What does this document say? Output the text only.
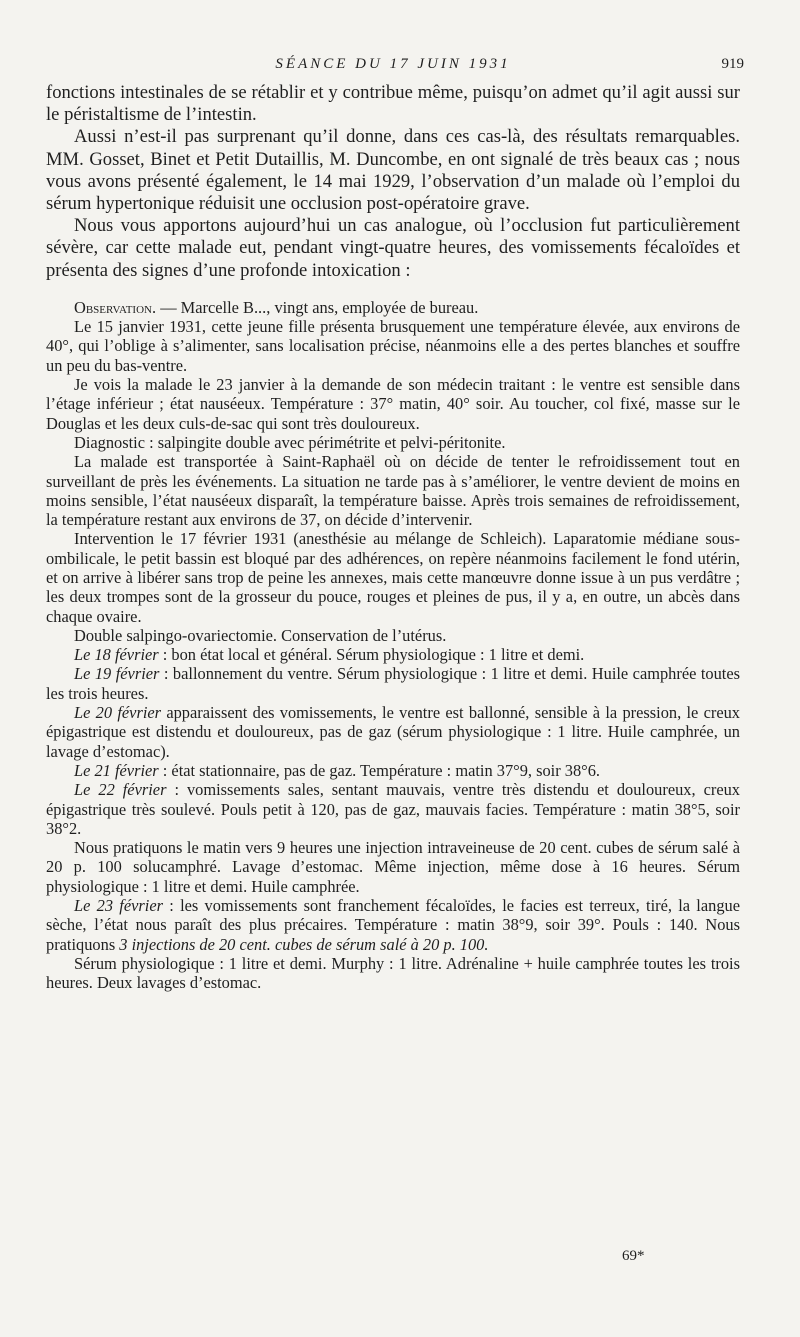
SÉANCE DU 17 JUIN 1931	919

fonctions intestinales de se rétablir et y contribue même, puisqu’on admet qu’il agit aussi sur le péristaltisme de l’intestin.

Aussi n’est-il pas surprenant qu’il donne, dans ces cas-là, des résultats remarquables. MM. Gosset, Binet et Petit Dutaillis, M. Duncombe, en ont signalé de très beaux cas ; nous vous avons présenté également, le 14 mai 1929, l’observation d’un malade où l’emploi du sérum hypertonique réduisit une occlusion post-opératoire grave.

Nous vous apportons aujourd’hui un cas analogue, où l’occlusion fut particulièrement sévère, car cette malade eut, pendant vingt-quatre heures, des vomissements fécaloïdes et présenta des signes d’une profonde intoxication :

Observation. — Marcelle B..., vingt ans, employée de bureau.

Le 15 janvier 1931, cette jeune fille présenta brusquement une température élevée, aux environs de 40°, qui l’oblige à s’alimenter, sans localisation précise, néanmoins elle a des pertes blanches et souffre un peu du bas-ventre.

Je vois la malade le 23 janvier à la demande de son médecin traitant : le ventre est sensible dans l’étage inférieur ; état nauséeux. Température : 37° matin, 40° soir. Au toucher, col fixé, masse sur le Douglas et les deux culs-de-sac qui sont très douloureux.

Diagnostic : salpingite double avec périmétrite et pelvi-péritonite.

La malade est transportée à Saint-Raphaël où on décide de tenter le refroidissement tout en surveillant de près les événements. La situation ne tarde pas à s’améliorer, le ventre devient de moins en moins sensible, l’état nauséeux disparaît, la température baisse. Après trois semaines de refroidissement, la température restant aux environs de 37, on décide d’intervenir.

Intervention le 17 février 1931 (anesthésie au mélange de Schleich). Laparatomie médiane sous-ombilicale, le petit bassin est bloqué par des adhérences, on repère néanmoins facilement le fond utérin, et on arrive à libérer sans trop de peine les annexes, mais cette manœuvre donne issue à un pus verdâtre ; les deux trompes sont de la grosseur du pouce, rouges et pleines de pus, il y a, en outre, un abcès dans chaque ovaire.

Double salpingo-ovariectomie. Conservation de l’utérus.

Le 18 février : bon état local et général. Sérum physiologique : 1 litre et demi.

Le 19 février : ballonnement du ventre. Sérum physiologique : 1 litre et demi. Huile camphrée toutes les trois heures.

Le 20 février apparaissent des vomissements, le ventre est ballonné, sensible à la pression, le creux épigastrique est distendu et douloureux, pas de gaz (sérum physiologique : 1 litre. Huile camphrée, un lavage d’estomac).

Le 21 février : état stationnaire, pas de gaz. Température : matin 37°9, soir 38°6.

Le 22 février : vomissements sales, sentant mauvais, ventre très distendu et douloureux, creux épigastrique très soulevé. Pouls petit à 120, pas de gaz, mauvais facies. Température : matin 38°5, soir 38°2.

Nous pratiquons le matin vers 9 heures une injection intraveineuse de 20 cent. cubes de sérum salé à 20 p. 100 solucamphré. Lavage d’estomac. Même injection, même dose à 16 heures. Sérum physiologique : 1 litre et demi. Huile camphrée.

Le 23 février : les vomissements sont franchement fécaloïdes, le facies est terreux, tiré, la langue sèche, l’état nous paraît des plus précaires. Température : matin 38°9, soir 39°. Pouls : 140. Nous pratiquons 3 injections de 20 cent. cubes de sérum salé à 20 p. 100.

Sérum physiologique : 1 litre et demi. Murphy : 1 litre. Adrénaline + huile camphrée toutes les trois heures. Deux lavages d’estomac.

69*
